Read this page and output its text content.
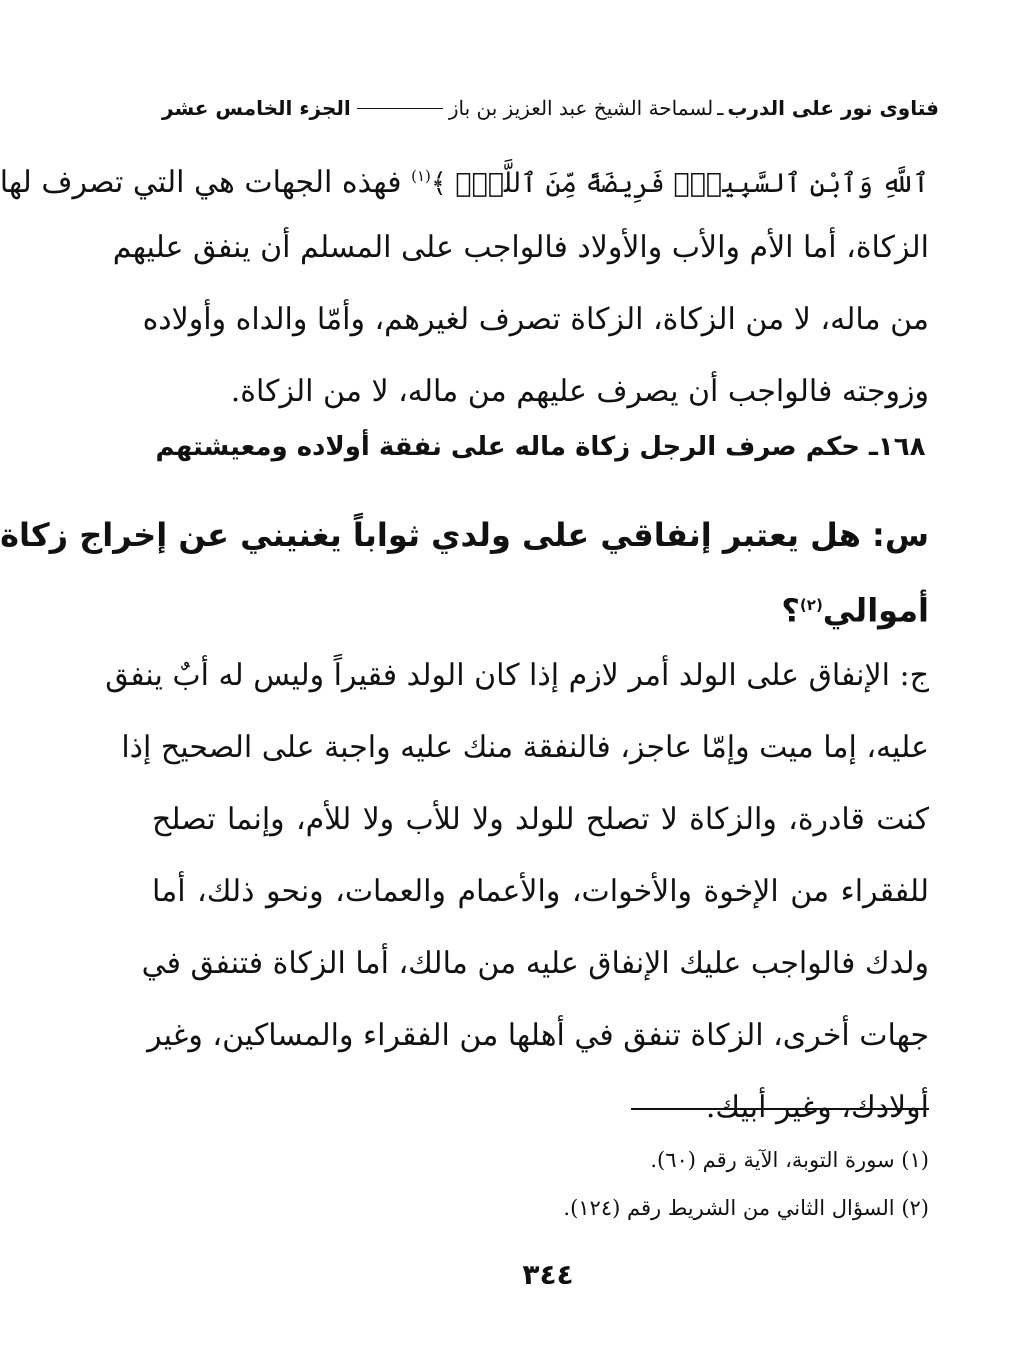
فتاوى نور على الدرب
ـ
لسماحة الشيخ عبد العزيز بن باز
الجزء الخامس عشر
ٱللَّهِ وَٱبْنِ ٱلسَّبِيلِۖ فَرِيضَةً مِّنَ ٱللَّهِۗ ﴾$^{(١)}$ فهذه الجهات هي التي تصرف لها
الزكاة، أما الأم والأب والأولاد فالواجب على المسلم أن ينفق عليهم
من ماله، لا من الزكاة، الزكاة تصرف لغيرهم، وأمّا والداه وأولاده
وزوجته فالواجب أن يصرف عليهم من ماله، لا من الزكاة.
١٦٨ـ حكم صرف الرجل زكاة ماله على نفقة أولاده ومعيشتهم
س: هل يعتبر إنفاقي على ولدي ثواباً يغنيني عن إخراج زكاة
أموالي$^{(٢)}$؟
ج: الإنفاق على الولد أمر لازم إذا كان الولد فقيراً وليس له أبٌ ينفق
عليه، إما ميت وإمّا عاجز، فالنفقة منك عليه واجبة على الصحيح إذا
كنت قادرة، والزكاة لا تصلح للولد ولا للأب ولا للأم، وإنما تصلح
للفقراء من الإخوة والأخوات، والأعمام والعمات، ونحو ذلك، أما
ولدك فالواجب عليك الإنفاق عليه من مالك، أما الزكاة فتنفق في
جهات أخرى، الزكاة تنفق في أهلها من الفقراء والمساكين، وغير
أولادك، وغير أبيك.
(١) سورة التوبة، الآية رقم (٦٠).
(٢) السؤال الثاني من الشريط رقم (١٢٤).
٣٤٤
